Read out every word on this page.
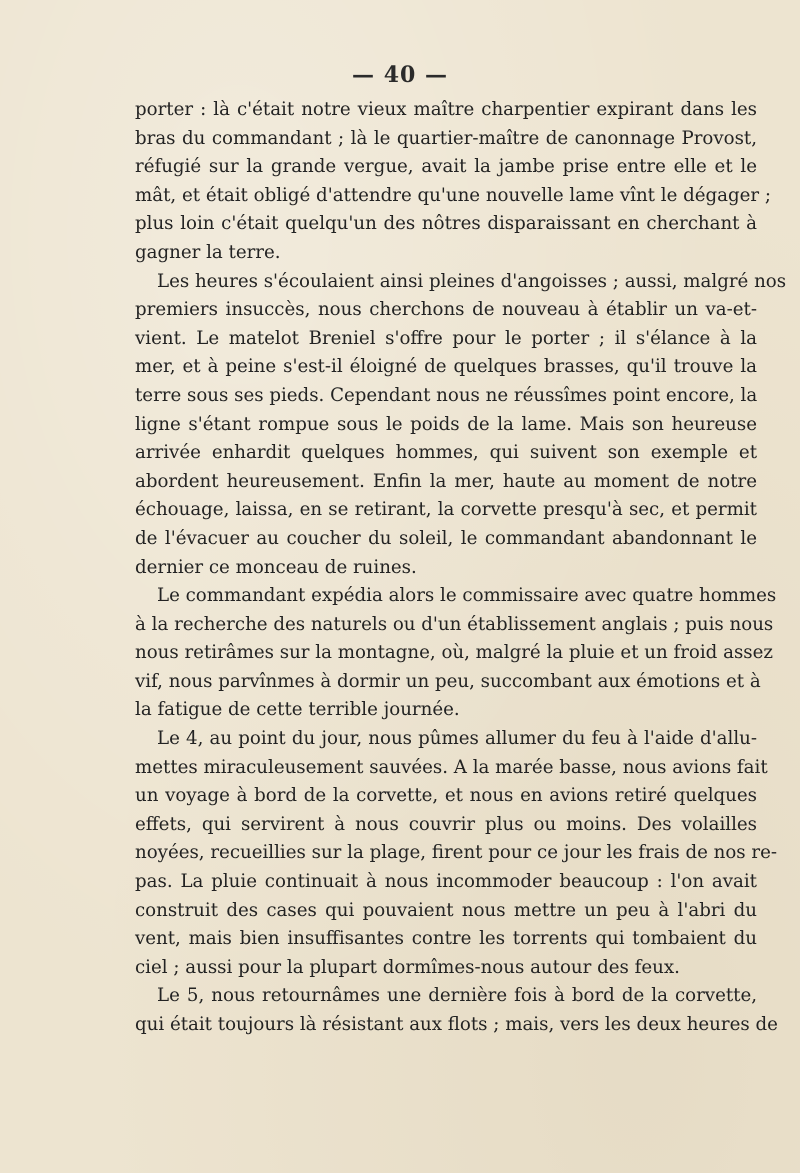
— 40 —
porter : là c'était notre vieux maître charpentier expirant dans les
bras du commandant ; là le quartier-maître de canonnage Provost,
réfugié sur la grande vergue, avait la jambe prise entre elle et le
mât, et était obligé d'attendre qu'une nouvelle lame vînt le dégager ;
plus loin c'était quelqu'un des nôtres disparaissant en cherchant à
gagner la terre.
Les heures s'écoulaient ainsi pleines d'angoisses ; aussi, malgré nos
premiers insuccès, nous cherchons de nouveau à établir un va-et-
vient. Le matelot Breniel s'offre pour le porter ; il s'élance à la
mer, et à peine s'est-il éloigné de quelques brasses, qu'il trouve la
terre sous ses pieds. Cependant nous ne réussîmes point encore, la
ligne s'étant rompue sous le poids de la lame. Mais son heureuse
arrivée enhardit quelques hommes, qui suivent son exemple et
abordent heureusement. Enfin la mer, haute au moment de notre
échouage, laissa, en se retirant, la corvette presqu'à sec, et permit
de l'évacuer au coucher du soleil, le commandant abandonnant le
dernier ce monceau de ruines.
Le commandant expédia alors le commissaire avec quatre hommes
à la recherche des naturels ou d'un établissement anglais ; puis nous
nous retirâmes sur la montagne, où, malgré la pluie et un froid assez
vif, nous parvînmes à dormir un peu, succombant aux émotions et à
la fatigue de cette terrible journée.
Le 4, au point du jour, nous pûmes allumer du feu à l'aide d'allu-
mettes miraculeusement sauvées. A la marée basse, nous avions fait
un voyage à bord de la corvette, et nous en avions retiré quelques
effets, qui servirent à nous couvrir plus ou moins. Des volailles
noyées, recueillies sur la plage, firent pour ce jour les frais de nos re-
pas. La pluie continuait à nous incommoder beaucoup : l'on avait
construit des cases qui pouvaient nous mettre un peu à l'abri du
vent, mais bien insuffisantes contre les torrents qui tombaient du
ciel ; aussi pour la plupart dormîmes-nous autour des feux.
Le 5, nous retournâmes une dernière fois à bord de la corvette,
qui était toujours là résistant aux flots ; mais, vers les deux heures de
